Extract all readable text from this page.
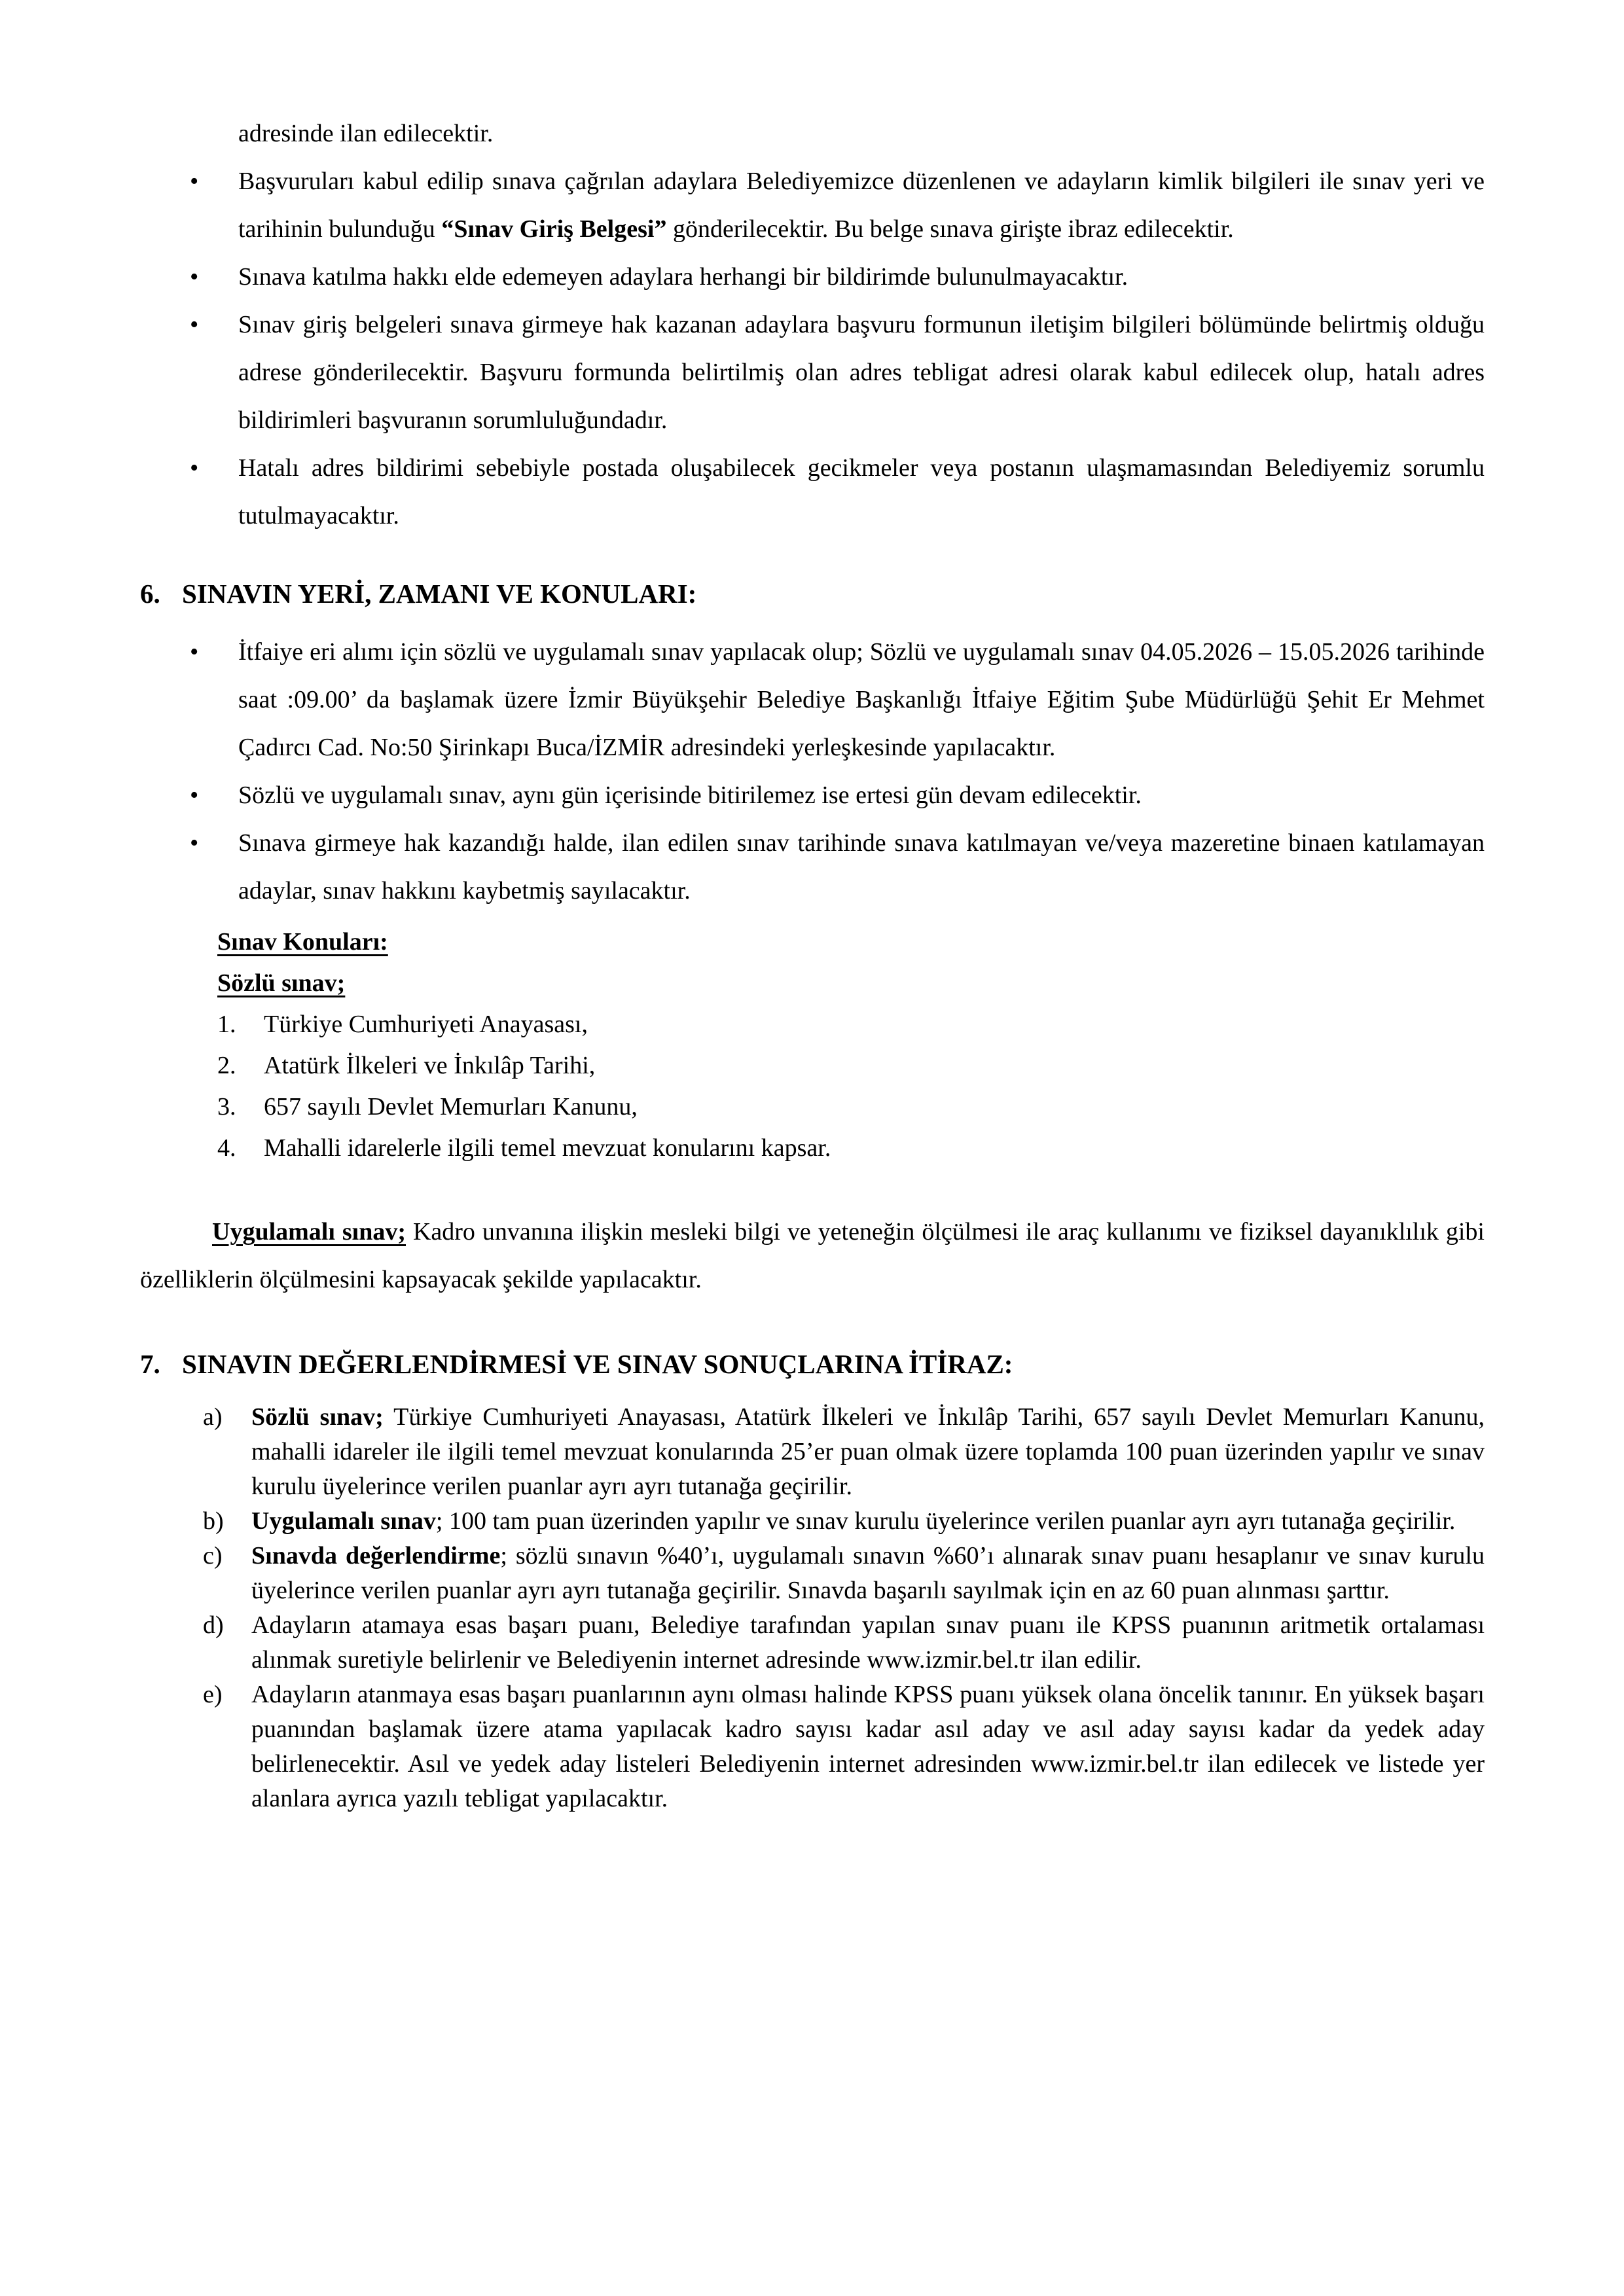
adresinde ilan edilecektir.

• Başvuruları kabul edilip sınava çağrılan adaylara Belediyemizce düzenlenen ve adayların kimlik bilgileri ile sınav yeri ve tarihinin bulunduğu “Sınav Giriş Belgesi” gönderilecektir. Bu belge sınava girişte ibraz edilecektir.

• Sınava katılma hakkı elde edemeyen adaylara herhangi bir bildirimde bulunulmayacaktır.

• Sınav giriş belgeleri sınava girmeye hak kazanan adaylara başvuru formunun iletişim bilgileri bölümünde belirtmiş olduğu adrese gönderilecektir. Başvuru formunda belirtilmiş olan adres tebligat adresi olarak kabul edilecek olup, hatalı adres bildirimleri başvuranın sorumluluğundadır.

• Hatalı adres bildirimi sebebiyle postada oluşabilecek gecikmeler veya postanın ulaşmamasından Belediyemiz sorumlu tutulmayacaktır.

6. SINAVIN YERİ, ZAMANI VE KONULARI:
• İtfaiye eri alımı için sözlü ve uygulamalı sınav yapılacak olup; Sözlü ve uygulamalı sınav 04.05.2026 – 15.05.2026 tarihinde saat :09.00’ da başlamak üzere İzmir Büyükşehir Belediye Başkanlığı İtfaiye Eğitim Şube Müdürlüğü Şehit Er Mehmet Çadırcı Cad. No:50 Şirinkapı Buca/İZMİR adresindeki yerleşkesinde yapılacaktır.

• Sözlü ve uygulamalı sınav, aynı gün içerisinde bitirilemez ise ertesi gün devam edilecektir.

• Sınava girmeye hak kazandığı halde, ilan edilen sınav tarihinde sınava katılmayan ve/veya mazeretine binaen katılamayan adaylar, sınav hakkını kaybetmiş sayılacaktır.

Sınav Konuları:

Sözlü sınav;

1. Türkiye Cumhuriyeti Anayasası,
2. Atatürk İlkeleri ve İnkılâp Tarihi,
3. 657 sayılı Devlet Memurları Kanunu,
4. Mahalli idarelerle ilgili temel mevzuat konularını kapsar.

Uygulamalı sınav; Kadro unvanına ilişkin mesleki bilgi ve yeteneğin ölçülmesi ile araç kullanımı ve fiziksel dayanıklılık gibi özelliklerin ölçülmesini kapsayacak şekilde yapılacaktır.

7. SINAVIN DEĞERLENDİRMESİ VE SINAV SONUÇLARINA İTİRAZ:
a) Sözlü sınav; Türkiye Cumhuriyeti Anayasası, Atatürk İlkeleri ve İnkılâp Tarihi, 657 sayılı Devlet Memurları Kanunu, mahalli idareler ile ilgili temel mevzuat konularında 25’er puan olmak üzere toplamda 100 puan üzerinden yapılır ve sınav kurulu üyelerince verilen puanlar ayrı ayrı tutanağa geçirilir.
b) Uygulamalı sınav; 100 tam puan üzerinden yapılır ve sınav kurulu üyelerince verilen puanlar ayrı ayrı tutanağa geçirilir.
c) Sınavda değerlendirme; sözlü sınavın %40’ı, uygulamalı sınavın %60’ı alınarak sınav puanı hesaplanır ve sınav kurulu üyelerince verilen puanlar ayrı ayrı tutanağa geçirilir. Sınavda başarılı sayılmak için en az 60 puan alınması şarttır.
d) Adayların atamaya esas başarı puanı, Belediye tarafından yapılan sınav puanı ile KPSS puanının aritmetik ortalaması alınmak suretiyle belirlenir ve Belediyenin internet adresinde www.izmir.bel.tr ilan edilir.
e) Adayların atanmaya esas başarı puanlarının aynı olması halinde KPSS puanı yüksek olana öncelik tanınır. En yüksek başarı puanından başlamak üzere atama yapılacak kadro sayısı kadar asıl aday ve asıl aday sayısı kadar da yedek aday belirlenecektir. Asıl ve yedek aday listeleri Belediyenin internet adresinden www.izmir.bel.tr ilan edilecek ve listede yer alanlara ayrıca yazılı tebligat yapılacaktır.
